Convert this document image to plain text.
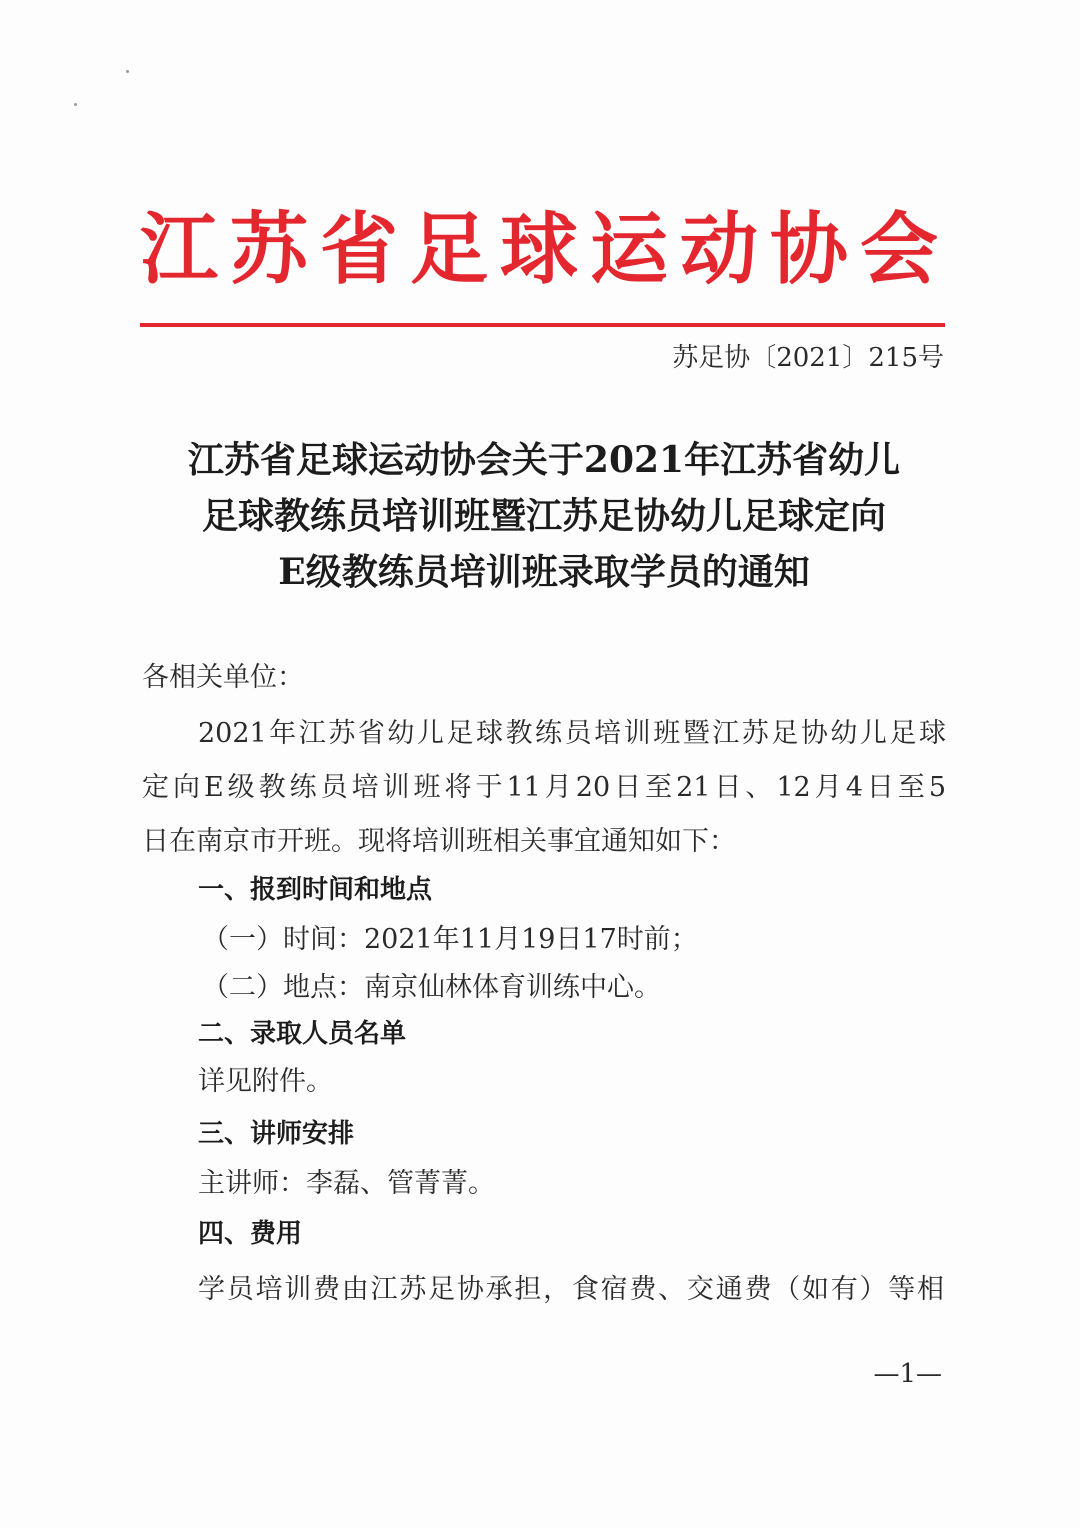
江苏省足球运动协会
苏足协〔2021〕215号
江苏省足球运动协会关于2021年江苏省幼儿
足球教练员培训班暨江苏足协幼儿足球定向
E级教练员培训班录取学员的通知
各相关单位：
2021年江苏省幼儿足球教练员培训班暨江苏足协幼儿足球
定向E级教练员培训班将于11月20日至21日、12月4日至5
日在南京市开班。现将培训班相关事宜通知如下：
一、报到时间和地点
（一）时间：2021年11月19日17时前；
（二）地点：南京仙林体育训练中心。
二、录取人员名单
详见附件。
三、讲师安排
主讲师：李磊、管菁菁。
四、费用
学员培训费由江苏足协承担，食宿费、交通费（如有）等相
—1—
